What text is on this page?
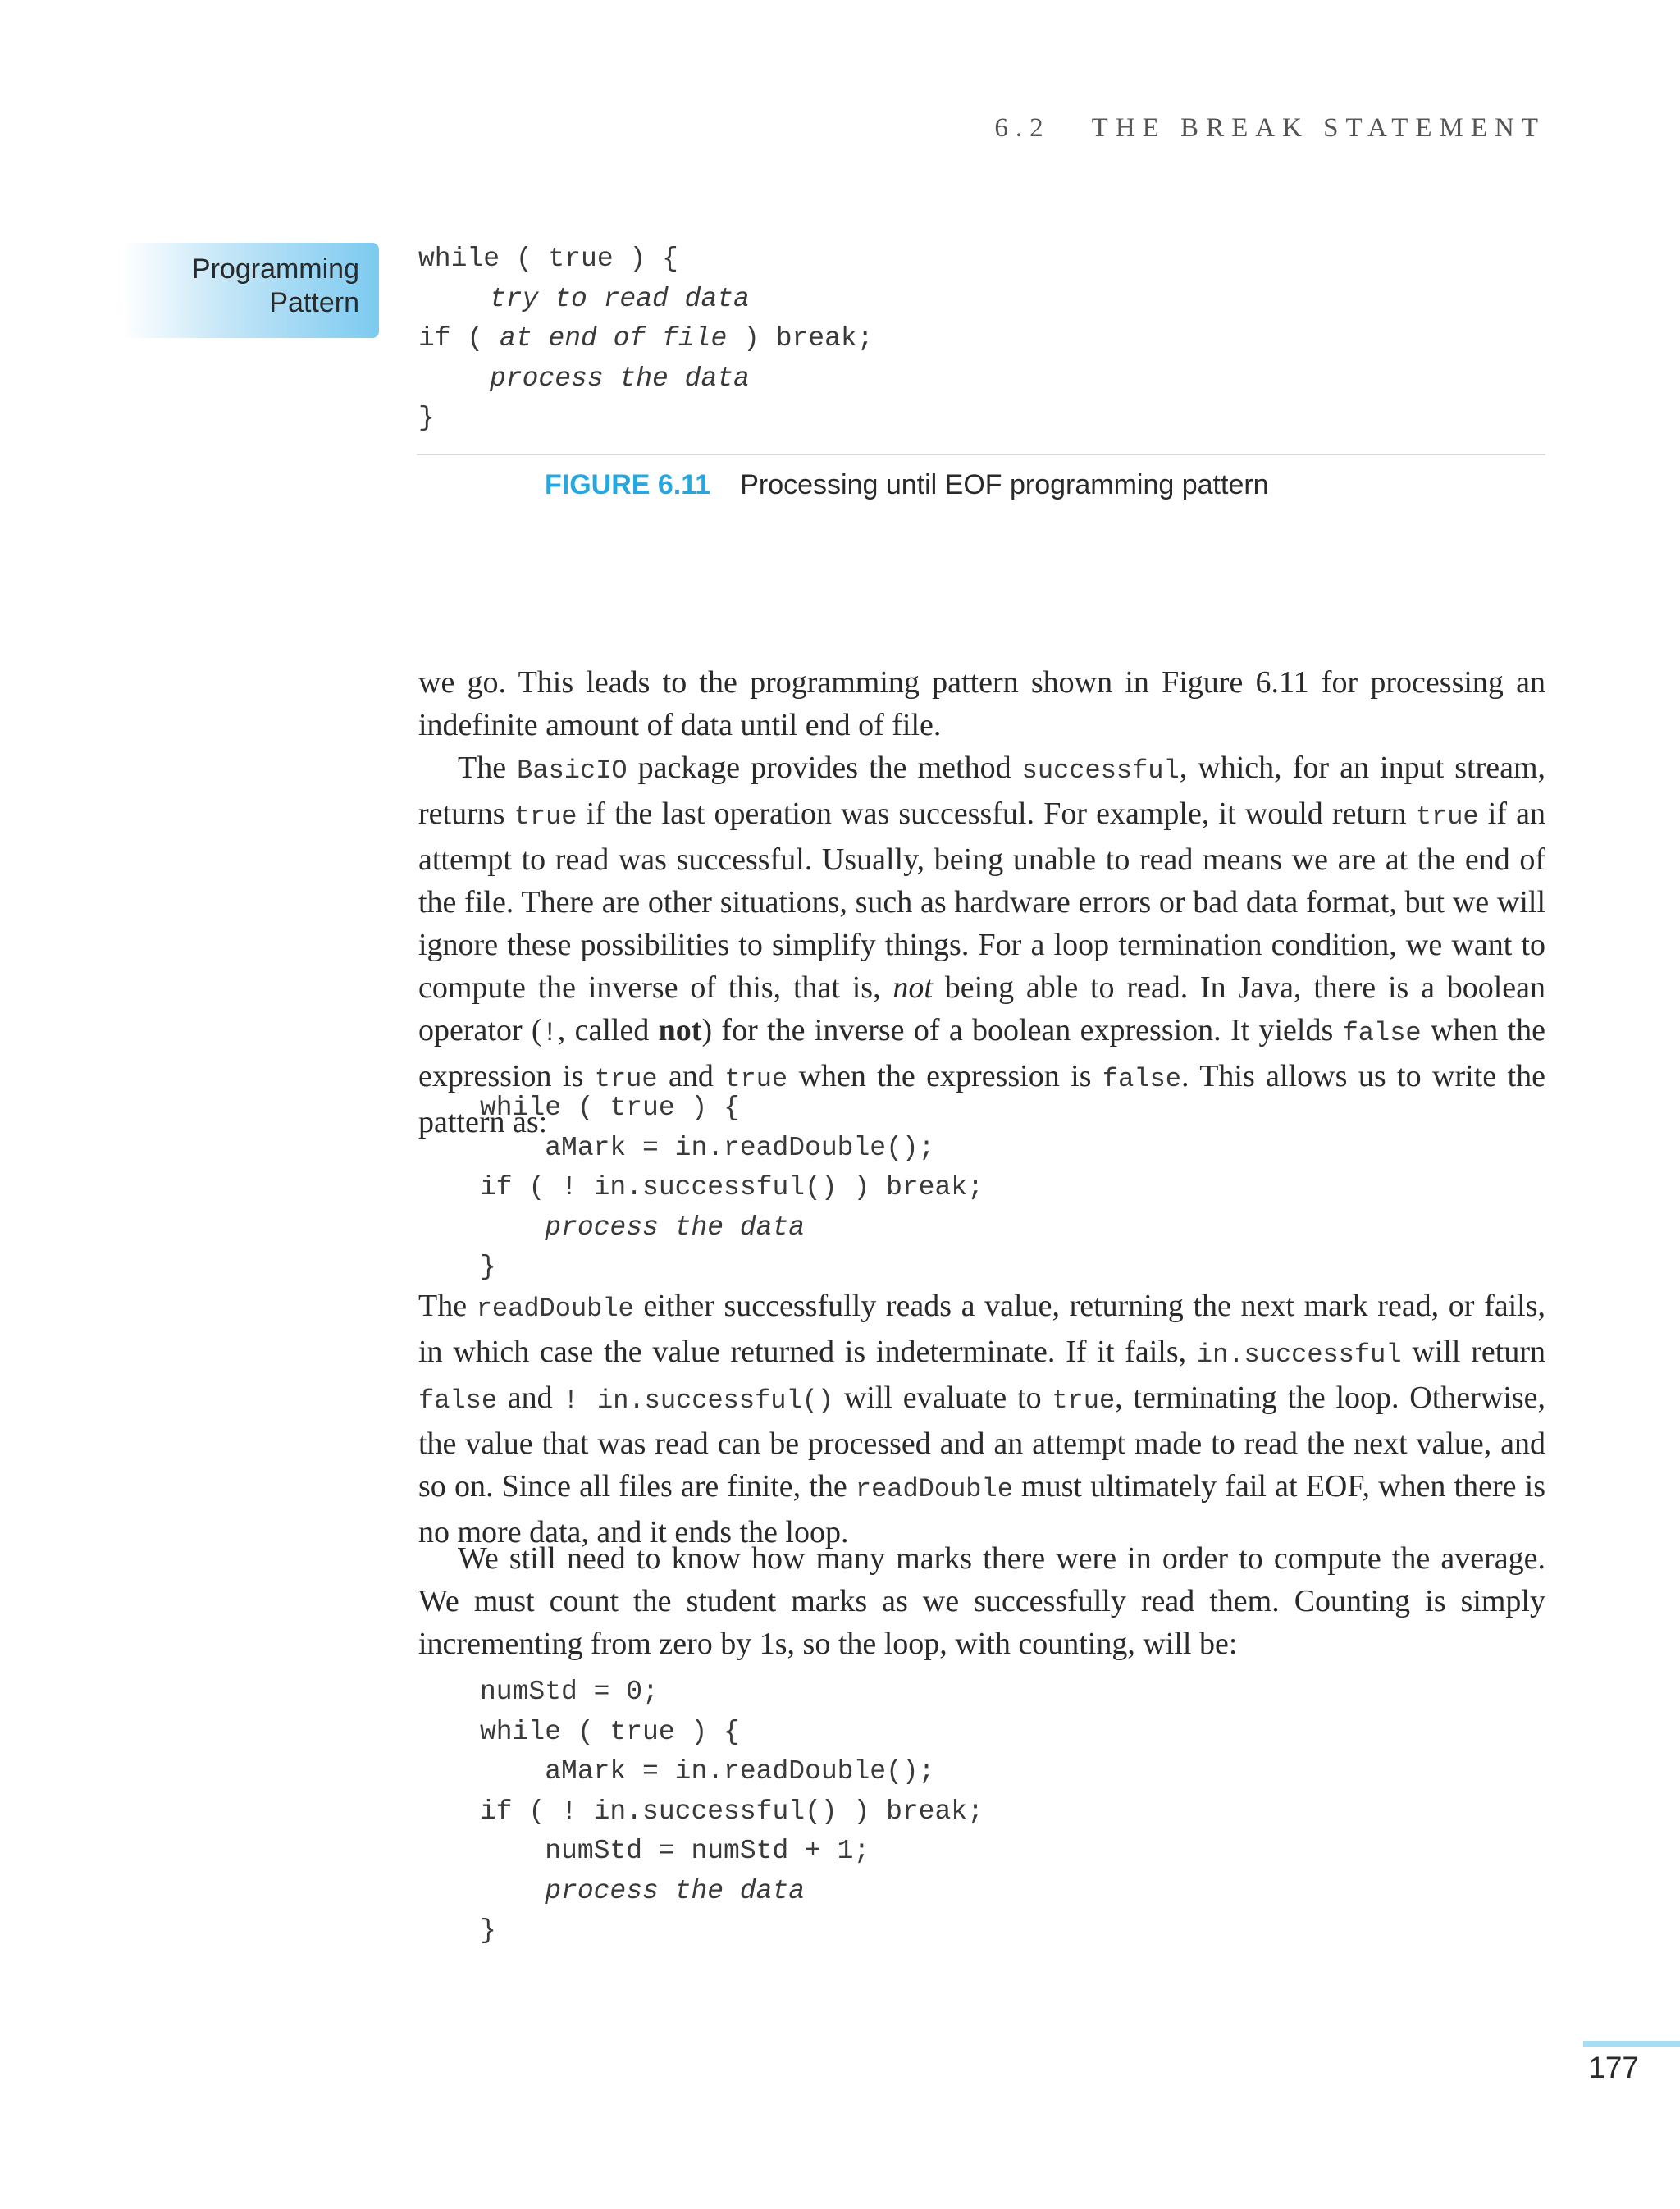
6.2 THE BREAK STATEMENT
Programming
Pattern
while ( true ) {
try to read data
if ( at end of file ) break;
process the data
}
FIGURE 6.11 Processing until EOF programming pattern
we go. This leads to the programming pattern shown in Figure 6.11 for processing an indefinite amount of data until end of file.
The BasicIO package provides the method successful, which, for an input stream, returns true if the last operation was successful. For example, it would return true if an attempt to read was successful. Usually, being unable to read means we are at the end of the file. There are other situations, such as hardware errors or bad data format, but we will ignore these possibilities to simplify things. For a loop termination condition, we want to compute the inverse of this, that is, not being able to read. In Java, there is a boolean operator (!, called not) for the inverse of a boolean expression. It yields false when the expression is true and true when the expression is false. This allows us to write the pattern as:
while ( true ) {
aMark = in.readDouble();
if ( ! in.successful() ) break;
process the data
}
The readDouble either successfully reads a value, returning the next mark read, or fails, in which case the value returned is indeterminate. If it fails, in.successful will return false and ! in.successful() will evaluate to true, terminating the loop. Otherwise, the value that was read can be processed and an attempt made to read the next value, and so on. Since all files are finite, the readDouble must ultimately fail at EOF, when there is no more data, and it ends the loop.
We still need to know how many marks there were in order to compute the average. We must count the student marks as we successfully read them. Counting is simply incrementing from zero by 1s, so the loop, with counting, will be:
numStd = 0;
while ( true ) {
aMark = in.readDouble();
if ( ! in.successful() ) break;
numStd = numStd + 1;
process the data
}
177
